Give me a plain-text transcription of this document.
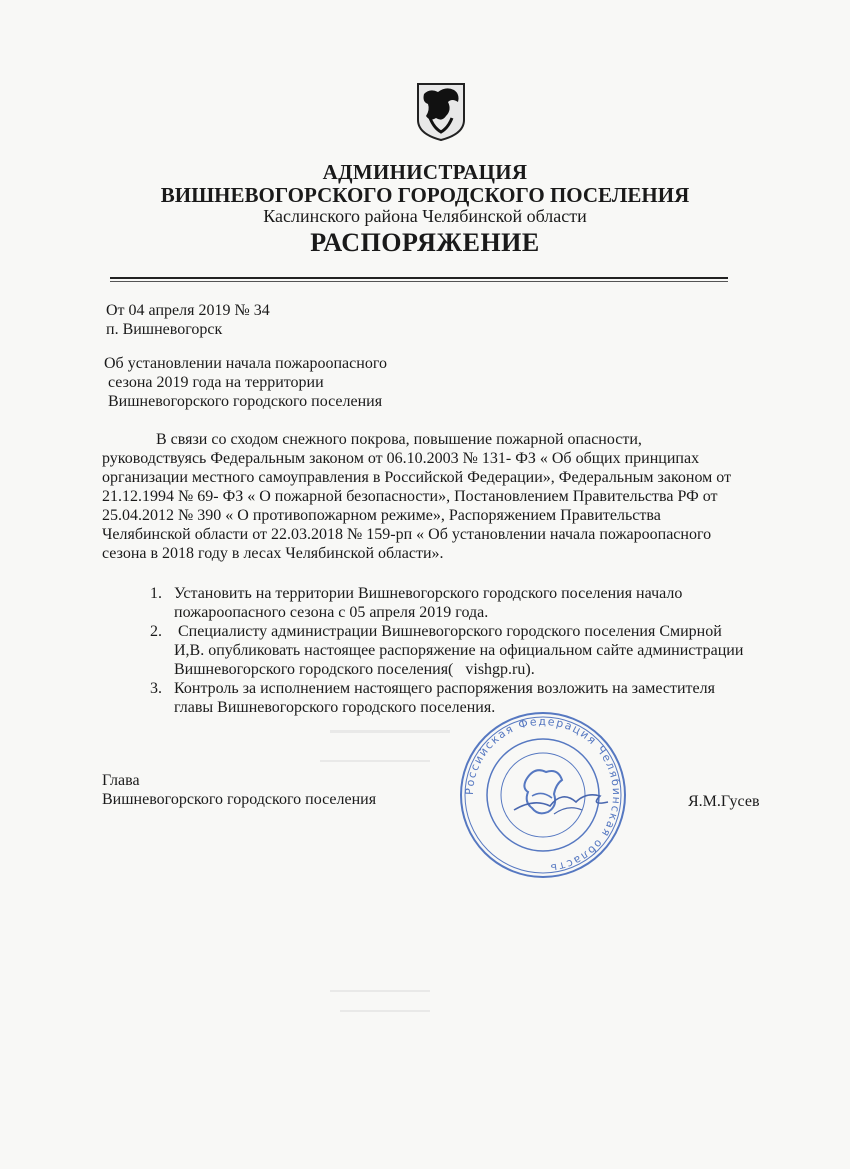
АДМИНИСТРАЦИЯ
ВИШНЕВОГОРСКОГО ГОРОДСКОГО ПОСЕЛЕНИЯ
Каслинского района Челябинской области
РАСПОРЯЖЕНИЕ
От 04 апреля 2019 № 34
п. Вишневогорск
Об установлении начала пожароопасного
сезона 2019 года на территории
Вишневогорского городского поселения
В связи со сходом снежного покрова, повышение пожарной опасности,
руководствуясь Федеральным законом от 06.10.2003 № 131- ФЗ « Об общих принципах
организации местного самоуправления в Российской Федерации», Федеральным законом от
21.12.1994 № 69- ФЗ « О пожарной безопасности», Постановлением Правительства РФ от
25.04.2012 № 390 « О противопожарном режиме», Распоряжением Правительства
Челябинской области от 22.03.2018 № 159-рп « Об установлении начала пожароопасного
сезона в 2018 году в лесах Челябинской области».
1. Установить на территории Вишневогорского городского поселения начало
пожароопасного сезона с 05 апреля 2019 года.
2. Специалисту администрации Вишневогорского городского поселения Смирной
И,В. опубликовать настоящее распоряжение на официальном сайте администрации
Вишневогорского городского поселения(   vishgp.ru).
3. Контроль за исполнением настоящего распоряжения возложить на заместителя
главы Вишневогорского городского поселения.
Российская Федерация Челябинская область
Глава
Вишневогорского городского поселения	Я.М.Гусев
